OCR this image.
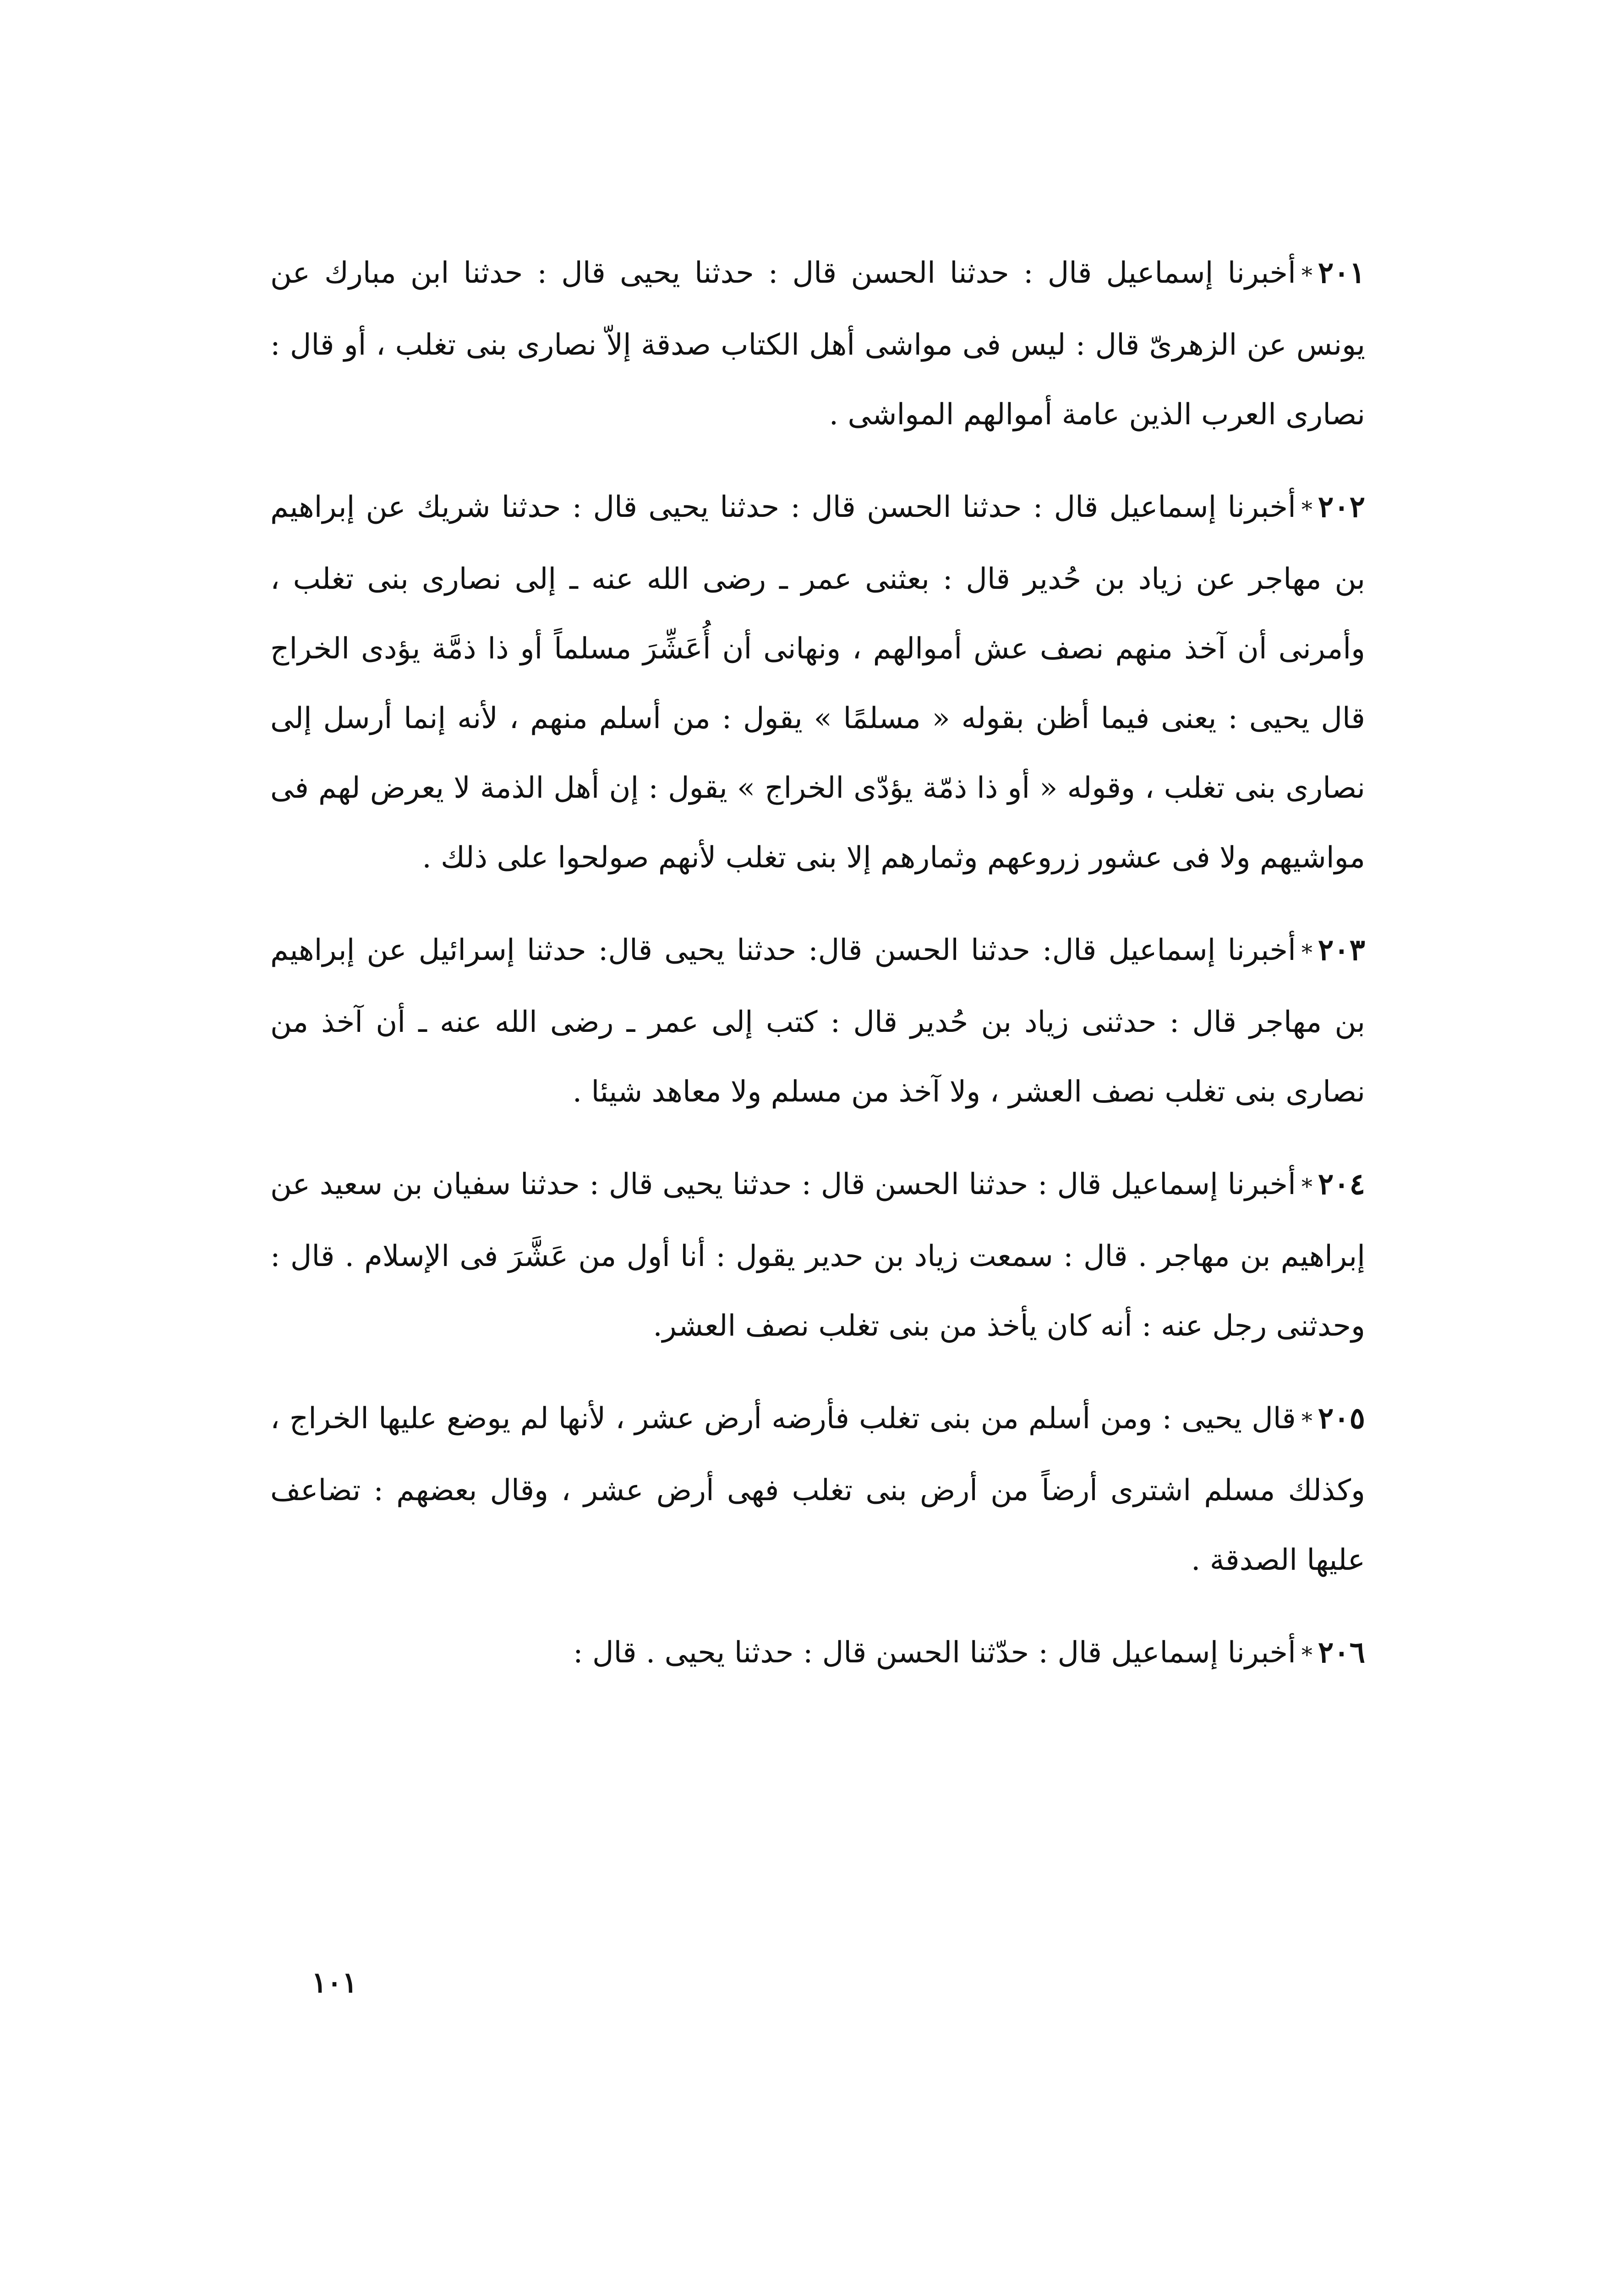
٢٠١*أخبرنا إسماعيل قال : حدثنا الحسن قال : حدثنا يحيى قال : حدثنا ابن مبارك عن يونس عن الزهرىّ قال : ليس فى مواشى أهل الكتاب صدقة إلاّ نصارى بنى تغلب ، أو قال : نصارى العرب الذين عامة أموالهم المواشى .

٢٠٢*أخبرنا إسماعيل قال : حدثنا الحسن قال : حدثنا يحيى قال : حدثنا شريك عن إبراهيم بن مهاجر عن زياد بن حُدير قال : بعثنى عمر ـ رضى الله عنه ـ إلى نصارى بنى تغلب ، وأمرنى أن آخذ منهم نصف عش أموالهم ، ونهانى أن أُعَشِّرَ مسلماً أو ذا ذمَّة يؤدى الخراج قال يحيى : يعنى فيما أظن بقوله « مسلمًا » يقول : من أسلم منهم ، لأنه إنما أرسل إلى نصارى بنى تغلب ، وقوله « أو ذا ذمّة يؤدّى الخراج » يقول : إن أهل الذمة لا يعرض لهم فى مواشيهم ولا فى عشور زروعهم وثمارهم إلا بنى تغلب لأنهم صولحوا على ذلك .

٢٠٣*أخبرنا إسماعيل قال: حدثنا الحسن قال: حدثنا يحيى قال: حدثنا إسرائيل عن إبراهيم بن مهاجر قال : حدثنى زياد بن حُدير قال : كتب إلى عمر ـ رضى الله عنه ـ أن آخذ من نصارى بنى تغلب نصف العشر ، ولا آخذ من مسلم ولا معاهد شيئا .

٢٠٤*أخبرنا إسماعيل قال : حدثنا الحسن قال : حدثنا يحيى قال : حدثنا سفيان بن سعيد عن إبراهيم بن مهاجر . قال : سمعت زياد بن حدير يقول : أنا أول من عَشَّرَ فى الإسلام . قال : وحدثنى رجل عنه : أنه كان يأخذ من بنى تغلب نصف العشر.

٢٠٥*قال يحيى : ومن أسلم من بنى تغلب فأرضه أرض عشر ، لأنها لم يوضع عليها الخراج ، وكذلك مسلم اشترى أرضاً من أرض بنى تغلب فهى أرض عشر ، وقال بعضهم : تضاعف عليها الصدقة .

٢٠٦*أخبرنا إسماعيل قال : حدّثنا الحسن قال : حدثنا يحيى . قال :

١٠١
